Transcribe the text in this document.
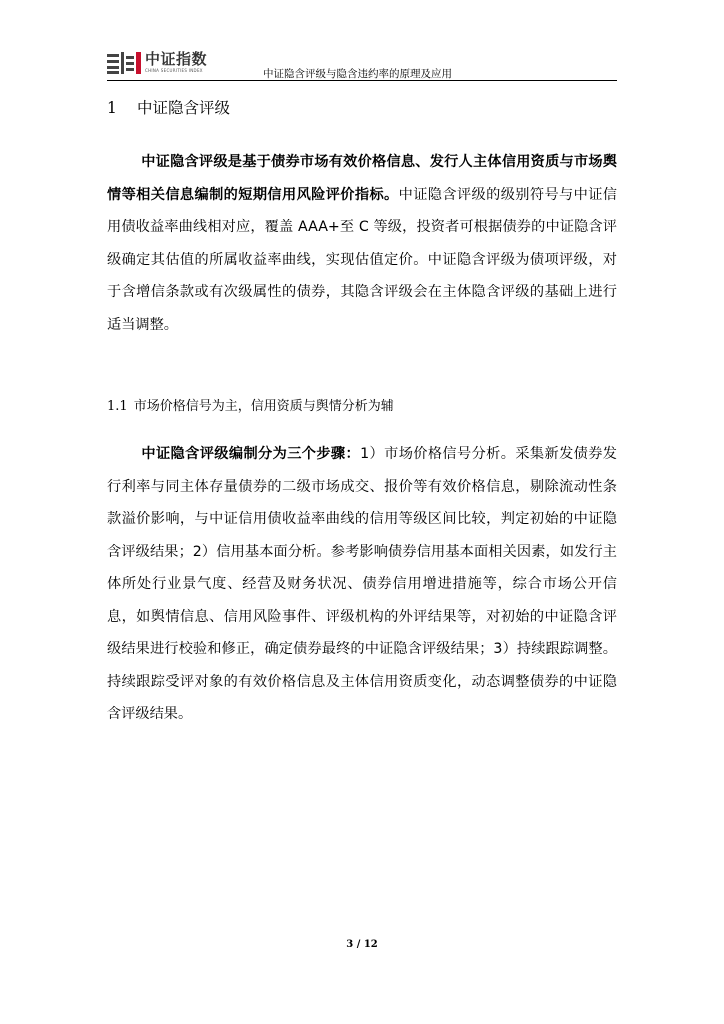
中证指数
CHINA SECURITIES INDEX	中证隐含评级与隐含违约率的原理及应用
1 中证隐含评级

中证隐含评级是基于债券市场有效价格信息、发行人主体信用资质与市场舆情等相关信息编制的短期信用风险评价指标。中证隐含评级的级别符号与中证信用债收益率曲线相对应，覆盖 AAA+至 C 等级，投资者可根据债券的中证隐含评级确定其估值的所属收益率曲线，实现估值定价。中证隐含评级为债项评级，对于含增信条款或有次级属性的债券，其隐含评级会在主体隐含评级的基础上进行适当调整。

1.1 市场价格信号为主，信用资质与舆情分析为辅

中证隐含评级编制分为三个步骤：1）市场价格信号分析。采集新发债券发行利率与同主体存量债券的二级市场成交、报价等有效价格信息，剔除流动性条款溢价影响，与中证信用债收益率曲线的信用等级区间比较，判定初始的中证隐含评级结果；2）信用基本面分析。参考影响债券信用基本面相关因素，如发行主体所处行业景气度、经营及财务状况、债券信用增进措施等，综合市场公开信息，如舆情信息、信用风险事件、评级机构的外评结果等，对初始的中证隐含评级结果进行校验和修正，确定债券最终的中证隐含评级结果；3）持续跟踪调整。持续跟踪受评对象的有效价格信息及主体信用资质变化，动态调整债券的中证隐含评级结果。

3 / 12
